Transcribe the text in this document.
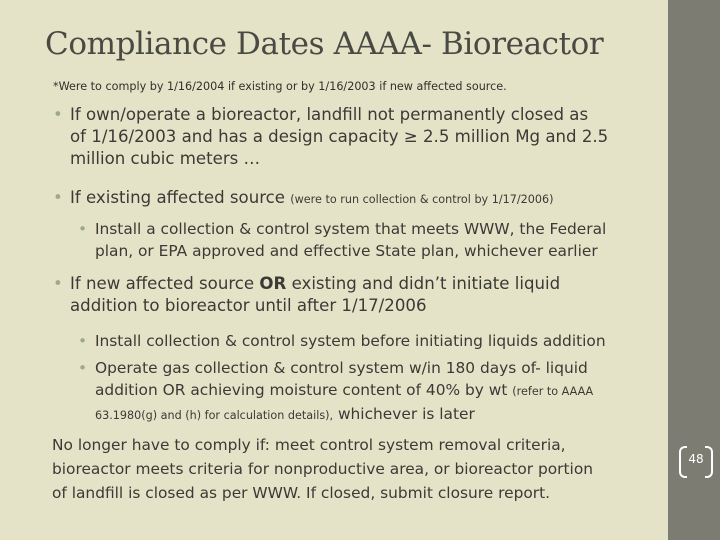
Compliance Dates AAAA- Bioreactor
*Were to comply by 1/16/2004 if existing or by 1/16/2003 if new affected source.
• If own/operate a bioreactor, landfill not permanently closed as
of 1/16/2003 and has a design capacity ≥ 2.5 million Mg and 2.5
million cubic meters …
• If existing affected source (were to run collection & control by 1/17/2006)
• Install a collection & control system that meets WWW, the Federal
plan, or EPA approved and effective State plan, whichever earlier
• If new affected source OR existing and didn’t initiate liquid
addition to bioreactor until after 1/17/2006
• Install collection & control system before initiating liquids addition
• Operate gas collection & control system w/in 180 days of- liquid
addition OR achieving moisture content of 40% by wt (refer to AAAA
63.1980(g) and (h) for calculation details), whichever is later
No longer have to comply if: meet control system removal criteria,
bioreactor meets criteria for nonproductive area, or bioreactor portion
of landfill is closed as per WWW. If closed, submit closure report.
48
